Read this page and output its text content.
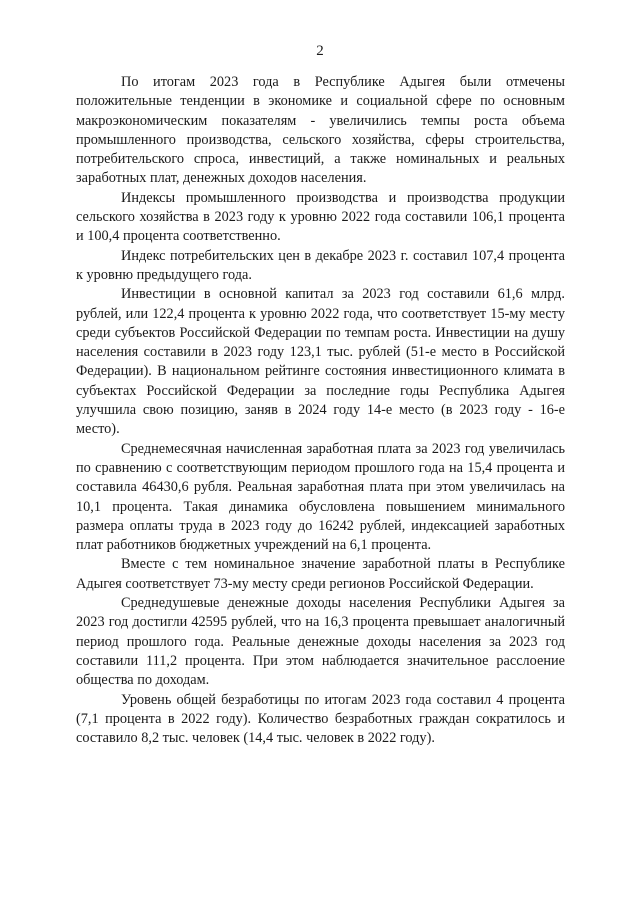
2

По итогам 2023 года в Республике Адыгея были отмечены положительные тенденции в экономике и социальной сфере по основным макроэкономическим показателям - увеличились темпы роста объема промышленного производства, сельского хозяйства, сферы строительства, потребительского спроса, инвестиций, а также номинальных и реальных заработных плат, денежных доходов населения.

Индексы промышленного производства и производства продукции сельского хозяйства в 2023 году к уровню 2022 года составили 106,1 процента и 100,4 процента соответственно.

Индекс потребительских цен в декабре 2023 г. составил 107,4 процента к уровню предыдущего года.

Инвестиции в основной капитал за 2023 год составили 61,6 млрд. рублей, или 122,4 процента к уровню 2022 года, что соответствует 15-му месту среди субъектов Российской Федерации по темпам роста. Инвестиции на душу населения составили в 2023 году 123,1 тыс. рублей (51-е место в Российской Федерации). В национальном рейтинге состояния инвестиционного климата в субъектах Российской Федерации за последние годы Республика Адыгея улучшила свою позицию, заняв в 2024 году 14-е место (в 2023 году - 16-е место).

Среднемесячная начисленная заработная плата за 2023 год увеличилась по сравнению с соответствующим периодом прошлого года на 15,4 процента и составила 46430,6 рубля. Реальная заработная плата при этом увеличилась на 10,1 процента. Такая динамика обусловлена повышением минимального размера оплаты труда в 2023 году до 16242 рублей, индексацией заработных плат работников бюджетных учреждений на 6,1 процента.

Вместе с тем номинальное значение заработной платы в Республике Адыгея соответствует 73-му месту среди регионов Российской Федерации.

Среднедушевые денежные доходы населения Республики Адыгея за 2023 год достигли 42595 рублей, что на 16,3 процента превышает аналогичный период прошлого года. Реальные денежные доходы населения за 2023 год составили 111,2 процента. При этом наблюдается значительное расслоение общества по доходам.

Уровень общей безработицы по итогам 2023 года составил 4 процента (7,1 процента в 2022 году). Количество безработных граждан сократилось и составило 8,2 тыс. человек (14,4 тыс. человек в 2022 году).
